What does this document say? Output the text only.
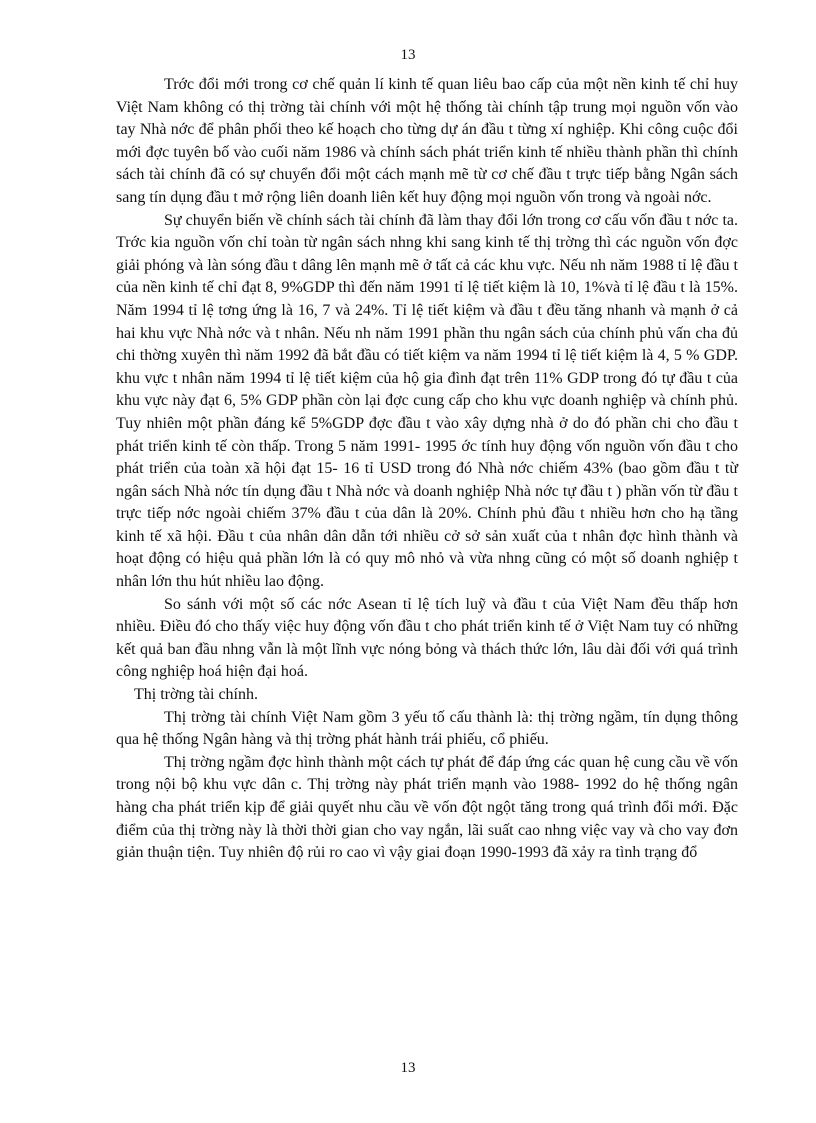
13

Trớc đổi mới trong cơ chế quản lí kinh tế quan liêu bao cấp của một nền kinh tế chỉ huy Việt Nam không có thị trờng tài chính với một hệ thống tài chính tập trung mọi nguồn vốn vào tay Nhà nớc để phân phối theo kế hoạch cho từng dự án đầu t từng xí nghiệp. Khi công cuộc đổi mới đợc tuyên bố vào cuối năm 1986 và chính sách phát triển kinh tế nhiều thành phần thì chính sách tài chính đã có sự chuyển đổi một cách mạnh mẽ từ cơ chế đầu t trực tiếp bằng Ngân sách sang tín dụng đầu t mở rộng liên doanh liên kết huy động mọi nguồn vốn trong và ngoài nớc.

Sự chuyển biến về chính sách tài chính đã làm thay đổi lớn trong cơ cấu vốn đầu t nớc ta. Trớc kia nguồn vốn chỉ toàn từ ngân sách nhng khi sang kinh tế thị trờng thì các nguồn vốn đợc giải phóng và làn sóng đầu t dâng lên mạnh mẽ ở tất cả các khu vực. Nếu nh năm 1988 tỉ lệ đầu t của nền kinh tế chỉ đạt 8, 9%GDP thì đến năm 1991 tỉ lệ tiết kiệm là 10, 1%và tỉ lệ đầu t là 15%. Năm 1994 tỉ lệ tơng ứng là 16, 7 và 24%. Tỉ lệ tiết kiệm và đầu t đều tăng nhanh và mạnh ở cả hai khu vực Nhà nớc và t nhân. Nếu nh năm 1991 phần thu ngân sách của chính phủ vấn cha đủ chi thờng xuyên thì năm 1992 đã bắt đầu có tiết kiệm va năm 1994 tỉ lệ tiết kiệm là 4, 5 % GDP. khu vực t nhân năm 1994 tỉ lệ tiết kiệm của hộ gia đình đạt trên 11% GDP trong đó tự đầu t của khu vực này đạt 6, 5% GDP phần còn lại đợc cung cấp cho khu vực doanh nghiệp và chính phủ. Tuy nhiên một phần đáng kể 5%GDP đợc đầu t vào xây dựng nhà ở do đó phần chi cho đầu t phát triển kinh tế còn thấp. Trong 5 năm 1991- 1995 ớc tính huy động vốn nguồn vốn đầu t cho phát triển của toàn xã hội đạt 15- 16 tỉ USD trong đó Nhà nớc chiếm 43% (bao gồm đầu t từ ngân sách Nhà nớc tín dụng đầu t Nhà nớc và doanh nghiệp Nhà nớc tự đầu t ) phần vốn từ đầu t trực tiếp nớc ngoài chiếm 37% đầu t của dân là 20%. Chính phủ đầu t nhiều hơn cho hạ tầng kinh tế xã hội. Đầu t của nhân dân dẫn tới nhiều cở sở sản xuất của t nhân đợc hình thành và hoạt động có hiệu quả phần lớn là có quy mô nhỏ và vừa nhng cũng có một số doanh nghiệp t nhân lớn thu hút nhiều lao động.

So sánh với một số các nớc Asean tỉ lệ tích luỹ và đầu t của Việt Nam đều thấp hơn nhiều. Điều đó cho thấy việc huy động vốn đầu t cho phát triển kinh tế ở Việt Nam tuy có những kết quả ban đầu nhng vẫn là một lĩnh vực nóng bỏng và thách thức lớn, lâu dài đối với quá trình công nghiệp hoá hiện đại hoá.

Thị trờng tài chính.

Thị trờng tài chính Việt Nam gồm 3 yếu tố cấu thành là: thị trờng ngầm, tín dụng thông qua hệ thống Ngân hàng và thị trờng phát hành trái phiếu, cổ phiếu.

Thị trờng ngầm đợc hình thành một cách tự phát để đáp ứng các quan hệ cung cầu về vốn trong nội bộ khu vực dân c. Thị trờng này phát triển mạnh vào 1988- 1992 do hệ thống ngân hàng cha phát triển kịp để giải quyết nhu cầu về vốn đột ngột tăng trong quá trình đổi mới. Đặc điểm của thị trờng này là thời thời gian cho vay ngắn, lãi suất cao nhng việc vay và cho vay đơn giản thuận tiện. Tuy nhiên độ rủi ro cao vì vậy giai đoạn 1990-1993 đã xảy ra tình trạng đổ

13
